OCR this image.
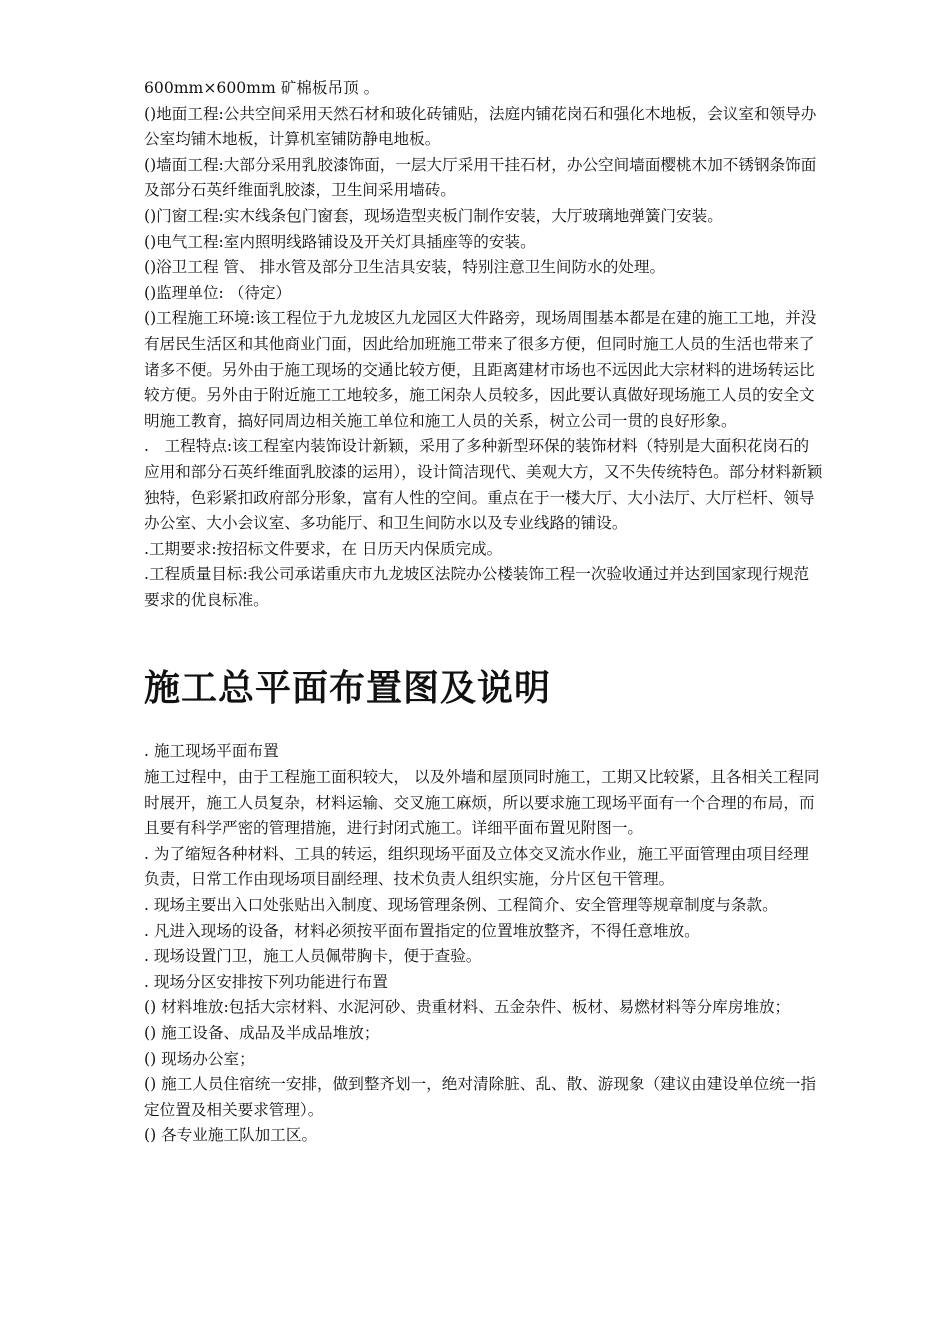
600mm×600mm 矿棉板吊顶 。

()地面工程:公共空间采用天然石材和玻化砖铺贴，法庭内铺花岗石和强化木地板，会议室和领导办公室均铺木地板，计算机室铺防静电地板。

()墙面工程:大部分采用乳胶漆饰面，一层大厅采用干挂石材，办公空间墙面樱桃木加不锈钢条饰面及部分石英纤维面乳胶漆，卫生间采用墙砖。

()门窗工程:实木线条包门窗套，现场造型夹板门制作安装，大厅玻璃地弹簧门安装。

()电气工程:室内照明线路铺设及开关灯具插座等的安装。

()浴卫工程 管、 排水管及部分卫生洁具安装，特别注意卫生间防水的处理。

()监理单位: （待定）

()工程施工环境:该工程位于九龙坡区九龙园区大件路旁，现场周围基本都是在建的施工工地，并没有居民生活区和其他商业门面，因此给加班施工带来了很多方便，但同时施工人员的生活也带来了诸多不便。另外由于施工现场的交通比较方便，且距离建材市场也不远因此大宗材料的进场转运比较方便。另外由于附近施工工地较多，施工闲杂人员较多，因此要认真做好现场施工人员的安全文明施工教育，搞好同周边相关施工单位和施工人员的关系，树立公司一贯的良好形象。

.　工程特点:该工程室内装饰设计新颖，采用了多种新型环保的装饰材料（特别是大面积花岗石的应用和部分石英纤维面乳胶漆的运用），设计简洁现代、美观大方，又不失传统特色。部分材料新颖独特，色彩紧扣政府部分形象，富有人性的空间。重点在于一楼大厅、大小法厅、大厅栏杆、领导办公室、大小会议室、多功能厅、和卫生间防水以及专业线路的铺设。

.工期要求:按招标文件要求，在 日历天内保质完成。

.工程质量目标:我公司承诺重庆市九龙坡区法院办公楼装饰工程一次验收通过并达到国家现行规范要求的优良标准。

施工总平面布置图及说明

. 施工现场平面布置

施工过程中，由于工程施工面积较大， 以及外墙和屋顶同时施工，工期又比较紧，且各相关工程同时展开，施工人员复杂，材料运输、交叉施工麻烦，所以要求施工现场平面有一个合理的布局，而且要有科学严密的管理措施，进行封闭式施工。详细平面布置见附图一。

. 为了缩短各种材料、工具的转运，组织现场平面及立体交叉流水作业，施工平面管理由项目经理负责，日常工作由现场项目副经理、技术负责人组织实施，分片区包干管理。

. 现场主要出入口处张贴出入制度、现场管理条例、工程简介、安全管理等规章制度与条款。

. 凡进入现场的设备，材料必须按平面布置指定的位置堆放整齐，不得任意堆放。

. 现场设置门卫，施工人员佩带胸卡，便于查验。

. 现场分区安排按下列功能进行布置

() 材料堆放:包括大宗材料、水泥河砂、贵重材料、五金杂件、板材、易燃材料等分库房堆放；

() 施工设备、成品及半成品堆放；

() 现场办公室；

() 施工人员住宿统一安排，做到整齐划一，绝对清除脏、乱、散、游现象（建议由建设单位统一指定位置及相关要求管理）。

() 各专业施工队加工区。
